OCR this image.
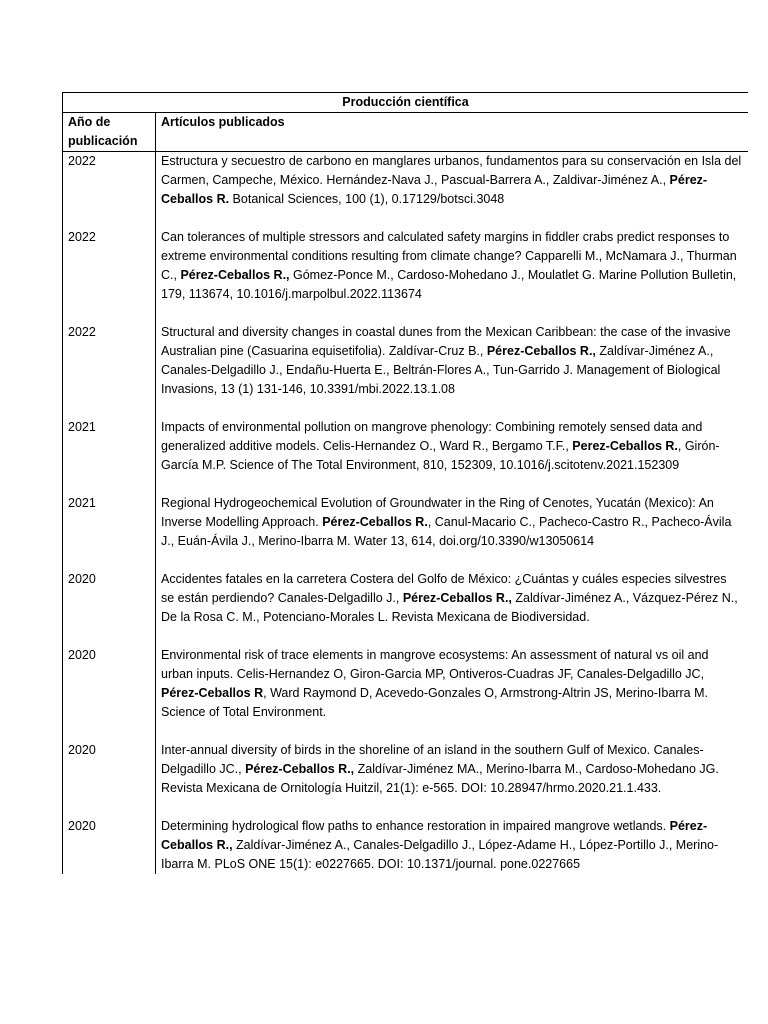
Producción científica	
Año de publicación	Artículos publicados
2022	Estructura y secuestro de carbono en manglares urbanos, fundamentos para su conservación en Isla del Carmen, Campeche, México. Hernández-Nava J., Pascual-Barrera A., Zaldivar-Jiménez A., Pérez-Ceballos R. Botanical Sciences, 100 (1), 0.17129/botsci.3048
2022	Can tolerances of multiple stressors and calculated safety margins in fiddler crabs predict responses to extreme environmental conditions resulting from climate change? Capparelli M., McNamara J., Thurman C., Pérez-Ceballos R., Gómez-Ponce M., Cardoso-Mohedano J., Moulatlet G. Marine Pollution Bulletin, 179, 113674, 10.1016/j.marpolbul.2022.113674
2022	Structural and diversity changes in coastal dunes from the Mexican Caribbean: the case of the invasive Australian pine (Casuarina equisetifolia). Zaldívar-Cruz B., Pérez-Ceballos R., Zaldívar-Jiménez A., Canales-Delgadillo J., Endañu-Huerta E., Beltrán-Flores A., Tun-Garrido J. Management of Biological Invasions, 13 (1) 131-146, 10.3391/mbi.2022.13.1.08
2021	Impacts of environmental pollution on mangrove phenology: Combining remotely sensed data and generalized additive models. Celis-Hernandez O., Ward R., Bergamo T.F., Perez-Ceballos R., Girón-García M.P. Science of The Total Environment, 810, 152309, 10.1016/j.scitotenv.2021.152309
2021	Regional Hydrogeochemical Evolution of Groundwater in the Ring of Cenotes, Yucatán (Mexico): An Inverse Modelling Approach. Pérez-Ceballos R., Canul-Macario C., Pacheco-Castro R., Pacheco-Ávila J., Euán-Ávila J., Merino-Ibarra M. Water 13, 614, doi.org/10.3390/w13050614
2020	Accidentes fatales en la carretera Costera del Golfo de México: ¿Cuántas y cuáles especies silvestres se están perdiendo? Canales-Delgadillo J., Pérez-Ceballos R., Zaldívar-Jiménez A., Vázquez-Pérez N., De la Rosa C. M., Potenciano-Morales L. Revista Mexicana de Biodiversidad.
2020	Environmental risk of trace elements in mangrove ecosystems: An assessment of natural vs oil and urban inputs. Celis-Hernandez O, Giron-Garcia MP, Ontiveros-Cuadras JF, Canales-Delgadillo JC, Pérez-Ceballos R, Ward Raymond D, Acevedo-Gonzales O, Armstrong-Altrin JS, Merino-Ibarra M. Science of Total Environment.
2020	Inter-annual diversity of birds in the shoreline of an island in the southern Gulf of Mexico. Canales-Delgadillo JC., Pérez-Ceballos R., Zaldívar-Jiménez MA., Merino-Ibarra M., Cardoso-Mohedano JG. Revista Mexicana de Ornitología Huitzil, 21(1): e-565. DOI: 10.28947/hrmo.2020.21.1.433.
2020	Determining hydrological flow paths to enhance restoration in impaired mangrove wetlands. Pérez-Ceballos R., Zaldívar-Jiménez A., Canales-Delgadillo J., López-Adame H., López-Portillo J., Merino-Ibarra M. PLoS ONE 15(1): e0227665. DOI: 10.1371/journal. pone.0227665
